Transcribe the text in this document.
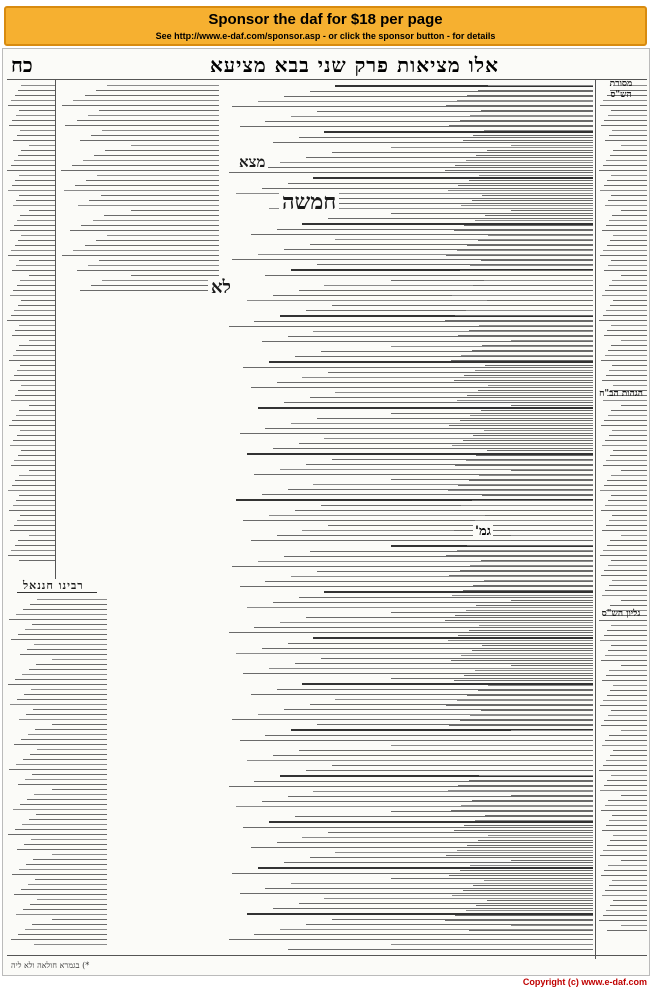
Sponsor the daf for $18 per page
See http://www.e-daf.com/sponsor.asp - or click the sponsor button - for details
אלו מציאות פרק שני בבא מציעא
כח
רבינו חננאל
מסורת הש"ס
הגהות הב"ח
גליון הש"ס
מצא
חמשה
לא
גמ'
*) בגמרא חולאה ולא ליה
Copyright (c) www.e-daf.com
